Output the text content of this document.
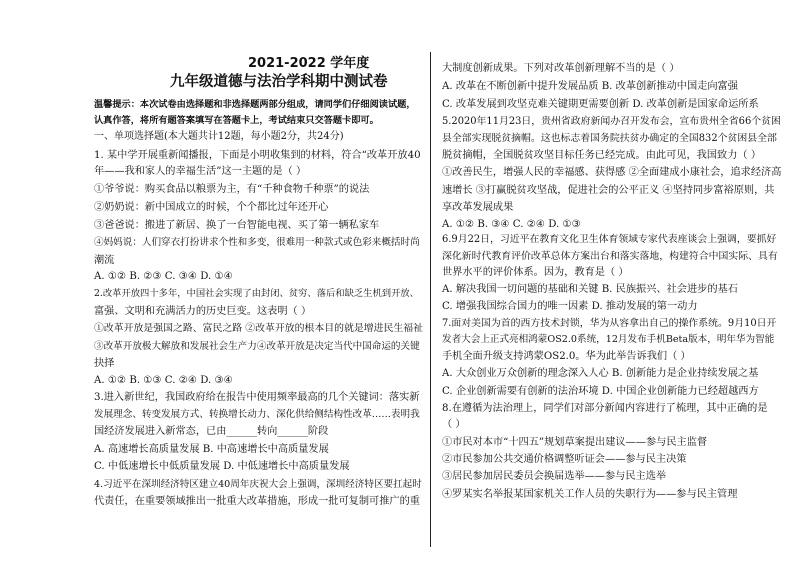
2021-2022 学年度
九年级道德与法治学科期中测试卷
温馨提示：本次试卷由选择题和非选择题两部分组成，请同学们仔细阅读试题，
认真作答，将所有题答案填写在答题卡上，考试结束只交答题卡即可。
一、单项选择题(本大题共计12题，每小题2分，共24分)
1. 某中学开展重新闻播报，下面是小明收集到的材料，符合“改革开放40
年——我和家人的幸福生活”这一主题的是（ ）
①爷爷说：购买食品以粮票为主，有“千种食物千种票”的说法
②奶奶说：新中国成立的时候，个个都比过年还开心
③爸爸说：搬进了新居、换了一台智能电视、买了第一辆私家车
④妈妈说：人们穿衣打扮讲求个性和多变，很难用一种款式或色彩来概括时尚
潮流
A. ①② B. ②③ C. ③④ D. ①④
2.改革开放四十多年，中国社会实现了由封闭、贫穷、落后和缺乏生机到开放、
富强、文明和充满活力的历史巨变。这表明（ ）
①改革开放是强国之路、富民之路 ②改革开放的根本目的就是增进民生福祉
③改革开放极大解放和发展社会生产力④改革开放是决定当代中国命运的关键
抉择
A. ①② B. ①③ C. ②④ D. ③④
3.进入新世纪，我国政府给在报告中使用频率最高的几个关键词：落实新
发展理念、转变发展方式、转换增长动力、深化供给侧结构性改革……表明我
国经济发展进入新常态，已由______转向______阶段
A. 高速增长高质量发展 B. 中高速增长中高质量发展
C. 中低速增长中低质量发展 D. 中低速增长中高质量发展
4.习近平在深圳经济特区建立40周年庆祝大会上强调，深圳经济特区要扛起时
代责任，在重要领域推出一批重大改革措施，形成一批可复制可推广的重
大制度创新成果。下列对改革创新理解不当的是（ ）
A. 改革在不断创新中提升发展品质 B. 改革创新推动中国走向富强
C. 改革发展到攻坚克难关键期更需要创新 D. 改革创新是国家命运所系
5.2020年11月23日，贵州省政府新闻办召开发布会，宣布贵州全省66个贫困
县全部实现脱贫摘帽。这也标志着国务院扶贫办确定的全国832个贫困县全部
脱贫摘帽，全国脱贫攻坚目标任务已经完成。由此可见，我国致力（ ）
①改善民生，增强人民的幸福感、获得感 ②全面建成小康社会，追求经济高
速增长 ③打赢脱贫攻坚战，促进社会的公平正义 ④坚持同步富裕原则，共
享改革发展成果
A. ①② B. ③④ C. ②④ D. ①③
6.9月22日，习近平在教育文化卫生体育领域专家代表座谈会上强调，要抓好
深化新时代教育评价改革总体方案出台和落实落地，构建符合中国实际、具有
世界水平的评价体系。因为，教育是（ ）
A. 解决我国一切问题的基础和关键 B. 民族振兴、社会进步的基石
C. 增强我国综合国力的唯一因素 D. 推动发展的第一动力
7.面对美国为首的西方技术封锁，华为从容拿出自己的操作系统。9月10日开
发者大会上正式亮相鸿蒙OS2.0系统，12月发布手机Beta版本，明年华为智能
手机全面升级支持鸿蒙OS2.0。华为此举告诉我们（ ）
A. 大众创业万众创新的理念深入人心 B. 创新能力是企业持续发展之基
C. 企业创新需要有创新的法治环境 D. 中国企业创新能力已经超越西方
8.在遵循为法治理上，同学们对部分新闻内容进行了梳理，其中正确的是
（ ）
①市民对本市“十四五”规划草案提出建议——参与民主监督
②市民参加公共交通价格调整听证会——参与民主决策
③居民参加居民委员会换届选举——参与民主选举
④罗某实名举报某国家机关工作人员的失职行为——参与民主管理
